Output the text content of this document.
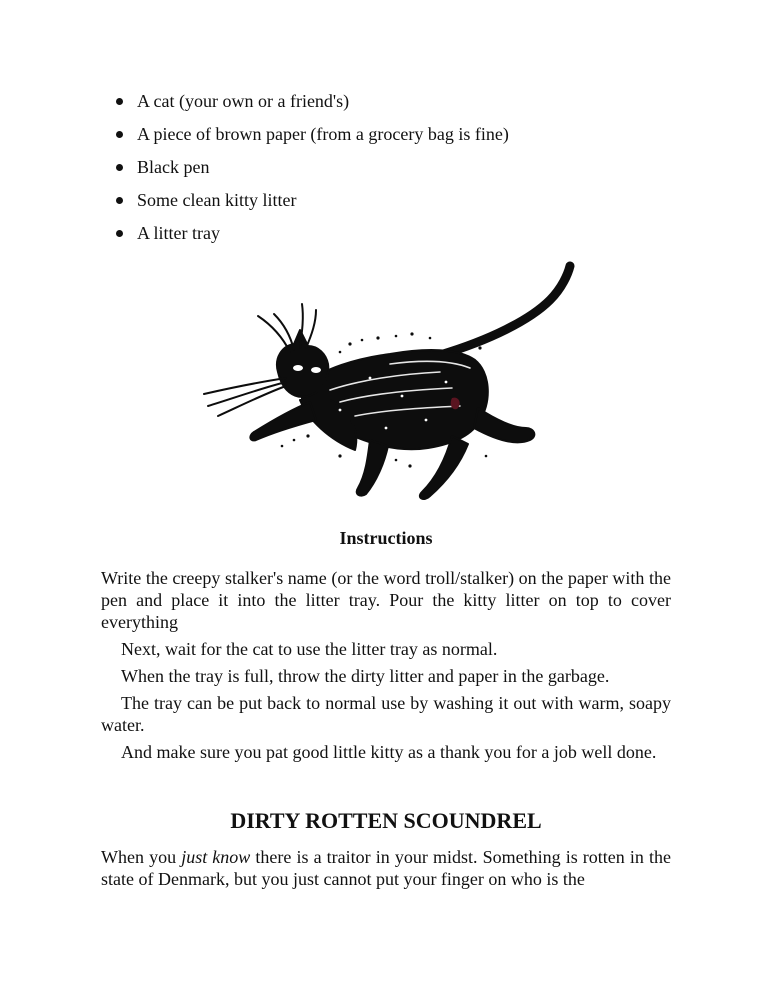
A cat (your own or a friend's)
A piece of brown paper (from a grocery bag is fine)
Black pen
Some clean kitty litter
A litter tray

Instructions

Write the creepy stalker's name (or the word troll/stalker) on the paper with the pen and place it into the litter tray. Pour the kitty litter on top to cover everything

Next, wait for the cat to use the litter tray as normal.

When the tray is full, throw the dirty litter and paper in the garbage.

The tray can be put back to normal use by washing it out with warm, soapy water.

And make sure you pat good little kitty as a thank you for a job well done.

DIRTY ROTTEN SCOUNDREL

When you just know there is a traitor in your midst. Something is rotten in the state of Denmark, but you just cannot put your finger on who is the
